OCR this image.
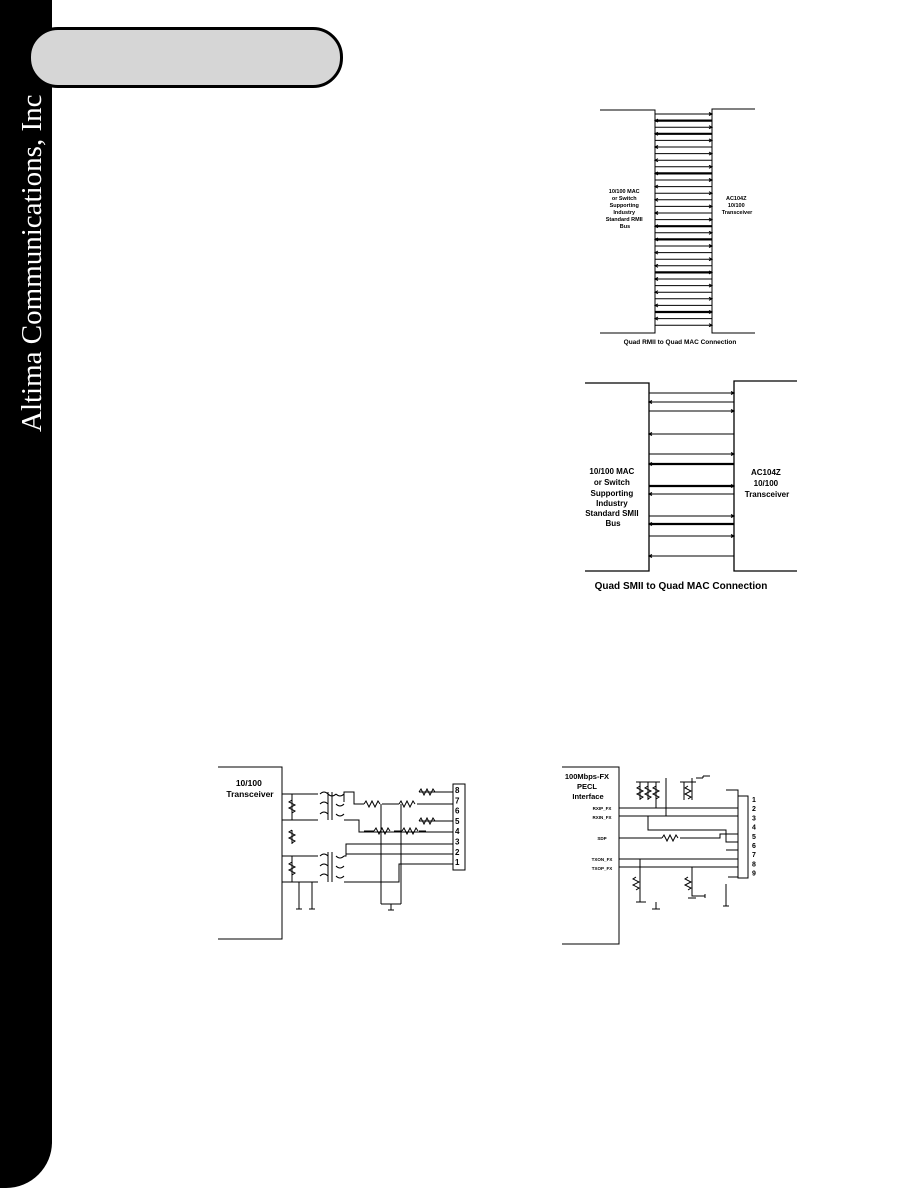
Altima Communications, Inc	10/100 MAC or Switch Supporting Industry Standard RMII Bus
AC104Z 10/100 Transceiver
Quad RMII to Quad MAC Connection
10/100 MAC or Switch Supporting Industry Standard SMII Bus
AC104Z 10/100 Transceiver
Quad SMII to Quad MAC Connection
10/100 Transceiver	8
7
6
5
4
3
2
1
100Mbps-FX PECL Interface
RXIP_FX
RXIN_FX
SDP
TXON_FX
TXOP_FX
1
2
3
4
5
6
7
8
9
